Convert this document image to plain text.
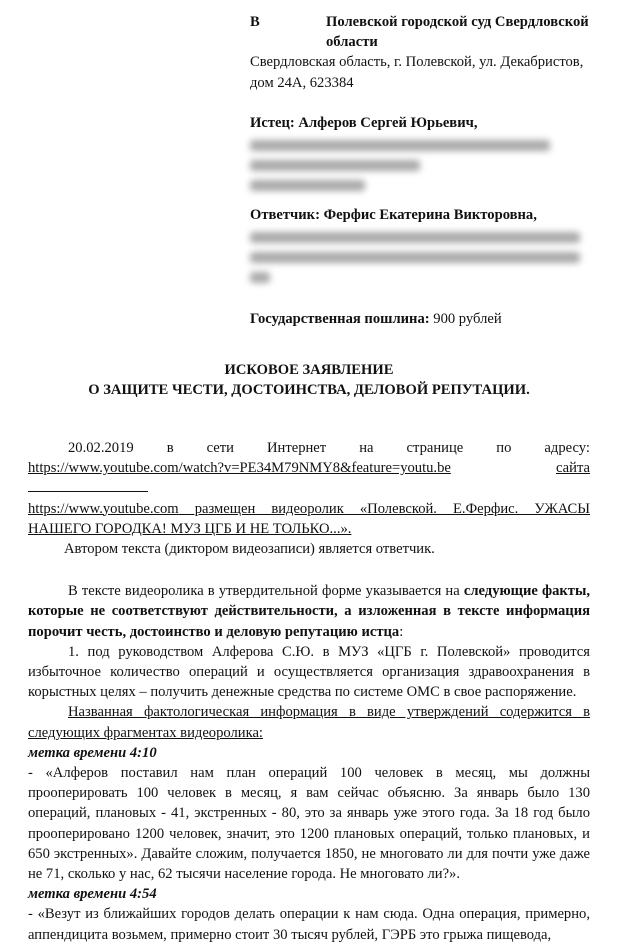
В	Полевской городской суд Свердловской области
Свердловская область, г. Полевской, ул. Декабристов, дом 24А, 623384
Истец: Алферов Сергей Юрьевич,
Ответчик: Ферфис Екатерина Викторовна,
Государственная пошлина: 900 рублей
ИСКОВОЕ ЗАЯВЛЕНИЕ
О ЗАЩИТЕ ЧЕСТИ, ДОСТОИНСТВА, ДЕЛОВОЙ РЕПУТАЦИИ.
20.02.2019 в сети Интернет на странице по адресу:
https://www.youtube.com/watch?v=PE34M79NMY8&feature=youtu.be	сайта

https://www.youtube.com размещен видеоролик «Полевской. Е.Ферфис. УЖАСЫ НАШЕГО ГОРОДКА! МУЗ ЦГБ И НЕ ТОЛЬКО...».

Автором текста (диктором видеозаписи) является ответчик.

В тексте видеоролика в утвердительной форме указывается на следующие факты, которые не соответствуют действительности, а изложенная в тексте информация порочит честь, достоинство и деловую репутацию истца:

1. под руководством Алферова С.Ю. в МУЗ «ЦГБ г. Полевской» проводится избыточное количество операций и осуществляется организация здравоохранения в корыстных целях – получить денежные средства по системе ОМС в свое распоряжение.

Названная фактологическая информация в виде утверждений содержится в следующих фрагментах видеоролика:

метка времени 4:10

- «Алферов поставил нам план операций 100 человек в месяц, мы должны прооперировать 100 человек в месяц, я вам сейчас объясню. За январь было 130 операций, плановых - 41, экстренных - 80, это за январь уже этого года. За 18 год было прооперировано 1200 человек, значит, это 1200 плановых операций, только плановых, и 650 экстренных». Давайте сложим, получается 1850, не многовато ли для почти уже даже не 71, сколько у нас, 62 тысячи население города. Не многовато ли?».

метка времени 4:54

- «Везут из ближайших городов делать операции к нам сюда. Одна операция, примерно, аппендицита возьмем, примерно стоит 30 тысяч рублей, ГЭРБ это грыжа пищевода,
